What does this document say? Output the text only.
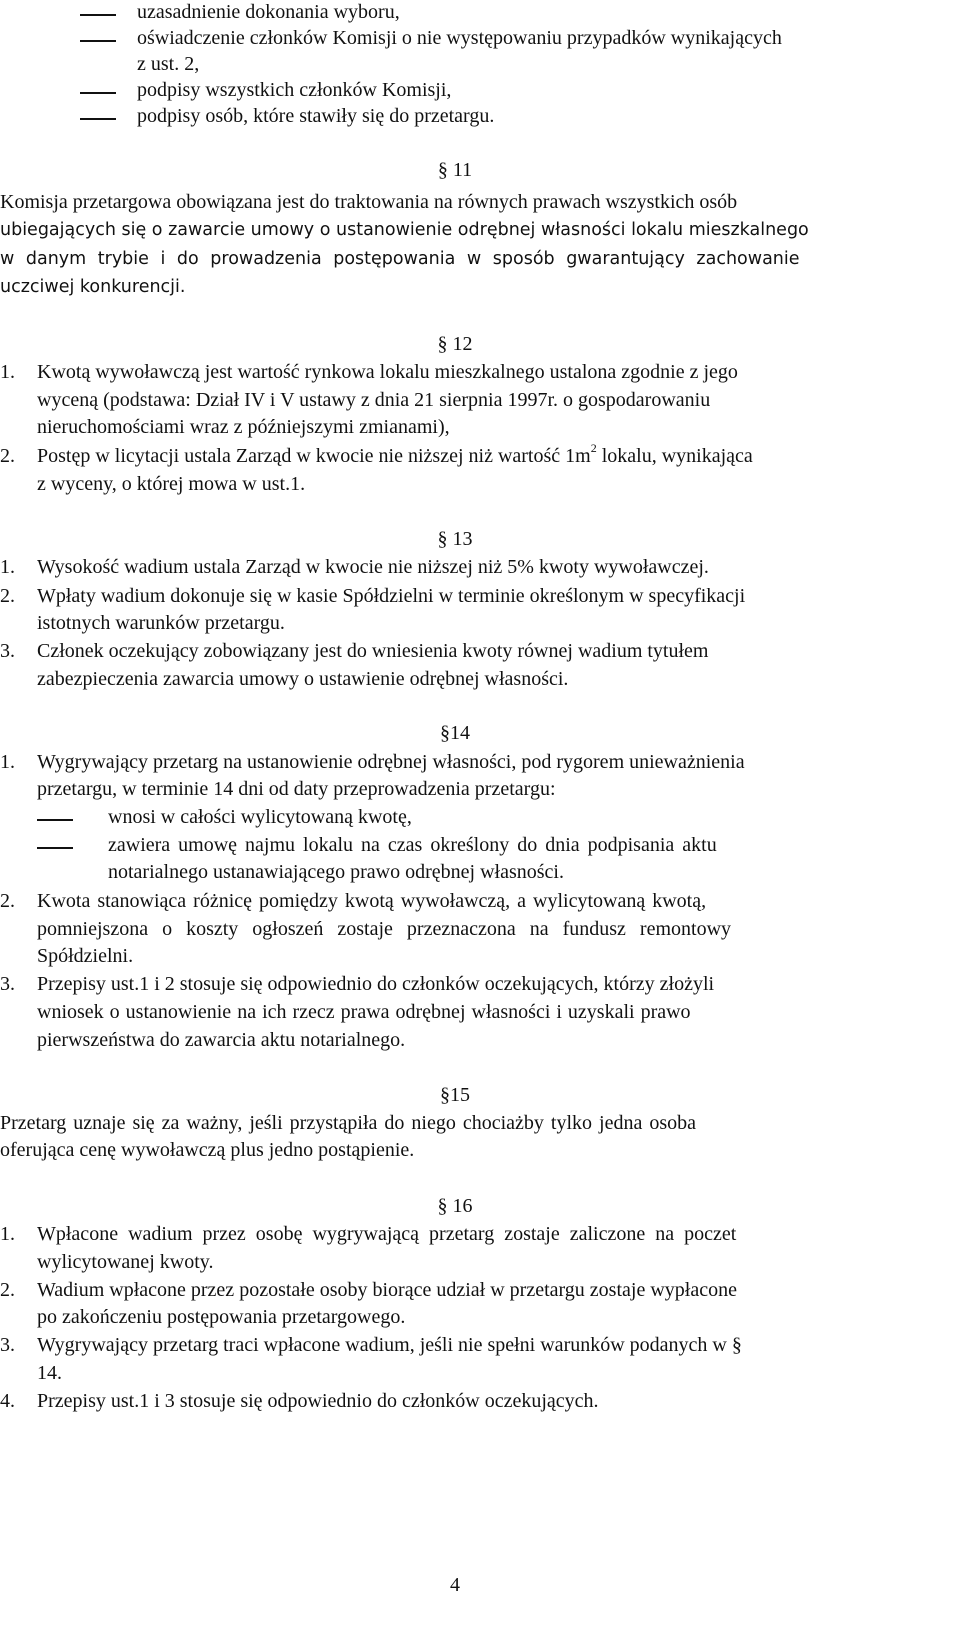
uzasadnienie dokonania wyboru,
oświadczenie członków Komisji o nie występowaniu przypadków wynikających
z ust. 2,
podpisy wszystkich członków Komisji,
podpisy osób, które stawiły się do przetargu.
§ 11
Komisja przetargowa obowiązana jest do traktowania na równych prawach wszystkich osób
ubiegających się o zawarcie umowy o ustanowienie odrębnej własności lokalu mieszkalnego
w danym trybie i do prowadzenia postępowania w sposób gwarantujący zachowanie
uczciwej konkurencji.
§ 12
1. Kwotą wywoławczą jest wartość rynkowa lokalu mieszkalnego ustalona zgodnie z jego
wyceną (podstawa: Dział IV i V ustawy z dnia 21 sierpnia 1997r. o gospodarowaniu
nieruchomościami wraz z późniejszymi zmianami),
2. Postęp w licytacji ustala Zarząd w kwocie nie niższej niż wartość $1m^2$ lokalu, wynikająca
z wyceny, o której mowa w ust.1.
§ 13
1. Wysokość wadium ustala Zarząd w kwocie nie niższej niż 5% kwoty wywoławczej.
2. Wpłaty wadium dokonuje się w kasie Spółdzielni w terminie określonym w specyfikacji
istotnych warunków przetargu.
3. Członek oczekujący zobowiązany jest do wniesienia kwoty równej wadium tytułem
zabezpieczenia zawarcia umowy o ustawienie odrębnej własności.
§14
1. Wygrywający przetarg na ustanowienie odrębnej własności, pod rygorem unieważnienia
przetargu, w terminie 14 dni od daty przeprowadzenia przetargu:
wnosi w całości wylicytowaną kwotę,
zawiera umowę najmu lokalu na czas określony do dnia podpisania aktu
notarialnego ustanawiającego prawo odrębnej własności.
2. Kwota stanowiąca różnicę pomiędzy kwotą wywoławczą, a wylicytowaną kwotą,
pomniejszona o koszty ogłoszeń zostaje przeznaczona na fundusz remontowy
Spółdzielni.
3. Przepisy ust.1 i 2 stosuje się odpowiednio do członków oczekujących, którzy złożyli
wniosek o ustanowienie na ich rzecz prawa odrębnej własności i uzyskali prawo
pierwszeństwa do zawarcia aktu notarialnego.
§15
Przetarg uznaje się za ważny, jeśli przystąpiła do niego chociażby tylko jedna osoba
oferująca cenę wywoławczą plus jedno postąpienie.
§ 16
1. Wpłacone wadium przez osobę wygrywającą przetarg zostaje zaliczone na poczet
wylicytowanej kwoty.
2. Wadium wpłacone przez pozostałe osoby biorące udział w przetargu zostaje wypłacone
po zakończeniu postępowania przetargowego.
3. Wygrywający przetarg traci wpłacone wadium, jeśli nie spełni warunków podanych w §
14.
4. Przepisy ust.1 i 3 stosuje się odpowiednio do członków oczekujących.
4
